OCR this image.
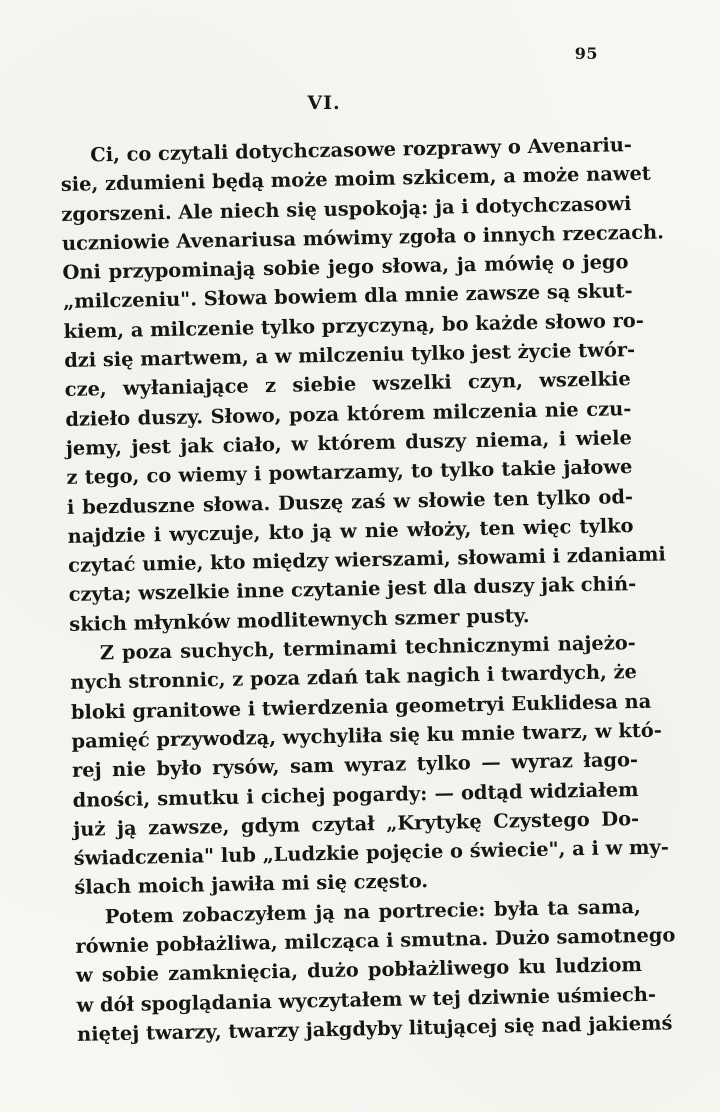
95
VI.
Ci, co czytali dotychczasowe rozprawy o Avenariu-
sie, zdumieni będą może moim szkicem, a może nawet
zgorszeni. Ale niech się uspokoją: ja i dotychczasowi
uczniowie Avenariusa mówimy zgoła o innych rzeczach.
Oni przypominają sobie jego słowa, ja mówię o jego
„milczeniu". Słowa bowiem dla mnie zawsze są skut-
kiem, a milczenie tylko przyczyną, bo każde słowo ro-
dzi się martwem, a w milczeniu tylko jest życie twór-
cze, wyłaniające z siebie wszelki czyn, wszelkie
dzieło duszy. Słowo, poza którem milczenia nie czu-
jemy, jest jak ciało, w którem duszy niema, i wiele
z tego, co wiemy i powtarzamy, to tylko takie jałowe
i bezduszne słowa. Duszę zaś w słowie ten tylko od-
najdzie i wyczuje, kto ją w nie włoży, ten więc tylko
czytać umie, kto między wierszami, słowami i zdaniami
czyta; wszelkie inne czytanie jest dla duszy jak chiń-
skich młynków modlitewnych szmer pusty.
Z poza suchych, terminami technicznymi najeżo-
nych stronnic, z poza zdań tak nagich i twardych, że
bloki granitowe i twierdzenia geometryi Euklidesa na
pamięć przywodzą, wychyliła się ku mnie twarz, w któ-
rej nie było rysów, sam wyraz tylko — wyraz łago-
dności, smutku i cichej pogardy: — odtąd widziałem
już ją zawsze, gdym czytał „Krytykę Czystego Do-
świadczenia" lub „Ludzkie pojęcie o świecie", a i w my-
ślach moich jawiła mi się często.
Potem zobaczyłem ją na portrecie: była ta sama,
równie pobłażliwa, milcząca i smutna. Dużo samotnego
w sobie zamknięcia, dużo pobłażliwego ku ludziom
w dół spoglądania wyczytałem w tej dziwnie uśmiech-
niętej twarzy, twarzy jakgdyby litującej się nad jakiemś
